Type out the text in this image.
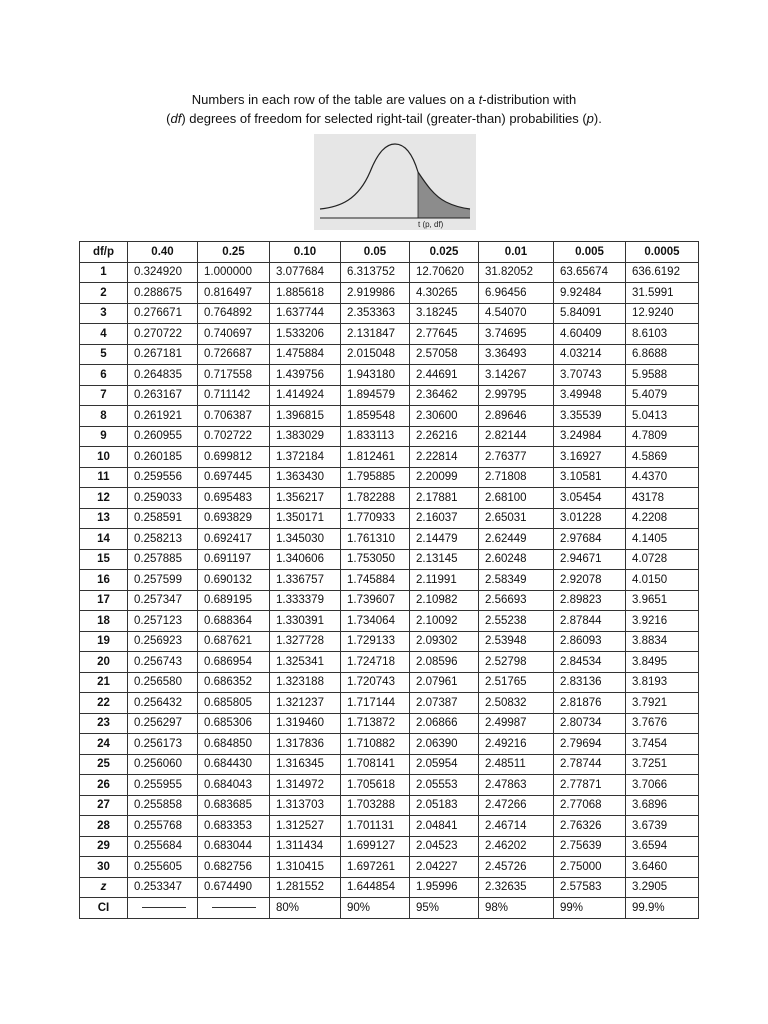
Numbers in each row of the table are values on a t-distribution with
(df) degrees of freedom for selected right-tail (greater-than) probabilities (p).
t (p, df)
df/p	0.40	0.25	0.10	0.05	0.025	0.01	0.005	0.0005
1	0.324920	1.000000	3.077684	6.313752	12.70620	31.82052	63.65674	636.6192
2	0.288675	0.816497	1.885618	2.919986	4.30265	6.96456	9.92484	31.5991
3	0.276671	0.764892	1.637744	2.353363	3.18245	4.54070	5.84091	12.9240
4	0.270722	0.740697	1.533206	2.131847	2.77645	3.74695	4.60409	8.6103
5	0.267181	0.726687	1.475884	2.015048	2.57058	3.36493	4.03214	6.8688
6	0.264835	0.717558	1.439756	1.943180	2.44691	3.14267	3.70743	5.9588
7	0.263167	0.711142	1.414924	1.894579	2.36462	2.99795	3.49948	5.4079
8	0.261921	0.706387	1.396815	1.859548	2.30600	2.89646	3.35539	5.0413
9	0.260955	0.702722	1.383029	1.833113	2.26216	2.82144	3.24984	4.7809
10	0.260185	0.699812	1.372184	1.812461	2.22814	2.76377	3.16927	4.5869
11	0.259556	0.697445	1.363430	1.795885	2.20099	2.71808	3.10581	4.4370
12	0.259033	0.695483	1.356217	1.782288	2.17881	2.68100	3.05454	43178
13	0.258591	0.693829	1.350171	1.770933	2.16037	2.65031	3.01228	4.2208
14	0.258213	0.692417	1.345030	1.761310	2.14479	2.62449	2.97684	4.1405
15	0.257885	0.691197	1.340606	1.753050	2.13145	2.60248	2.94671	4.0728
16	0.257599	0.690132	1.336757	1.745884	2.11991	2.58349	2.92078	4.0150
17	0.257347	0.689195	1.333379	1.739607	2.10982	2.56693	2.89823	3.9651
18	0.257123	0.688364	1.330391	1.734064	2.10092	2.55238	2.87844	3.9216
19	0.256923	0.687621	1.327728	1.729133	2.09302	2.53948	2.86093	3.8834
20	0.256743	0.686954	1.325341	1.724718	2.08596	2.52798	2.84534	3.8495
21	0.256580	0.686352	1.323188	1.720743	2.07961	2.51765	2.83136	3.8193
22	0.256432	0.685805	1.321237	1.717144	2.07387	2.50832	2.81876	3.7921
23	0.256297	0.685306	1.319460	1.713872	2.06866	2.49987	2.80734	3.7676
24	0.256173	0.684850	1.317836	1.710882	2.06390	2.49216	2.79694	3.7454
25	0.256060	0.684430	1.316345	1.708141	2.05954	2.48511	2.78744	3.7251
26	0.255955	0.684043	1.314972	1.705618	2.05553	2.47863	2.77871	3.7066
27	0.255858	0.683685	1.313703	1.703288	2.05183	2.47266	2.77068	3.6896
28	0.255768	0.683353	1.312527	1.701131	2.04841	2.46714	2.76326	3.6739
29	0.255684	0.683044	1.311434	1.699127	2.04523	2.46202	2.75639	3.6594
30	0.255605	0.682756	1.310415	1.697261	2.04227	2.45726	2.75000	3.6460
z	0.253347	0.674490	1.281552	1.644854	1.95996	2.32635	2.57583	3.2905
CI			80%	90%	95%	98%	99%	99.9%
